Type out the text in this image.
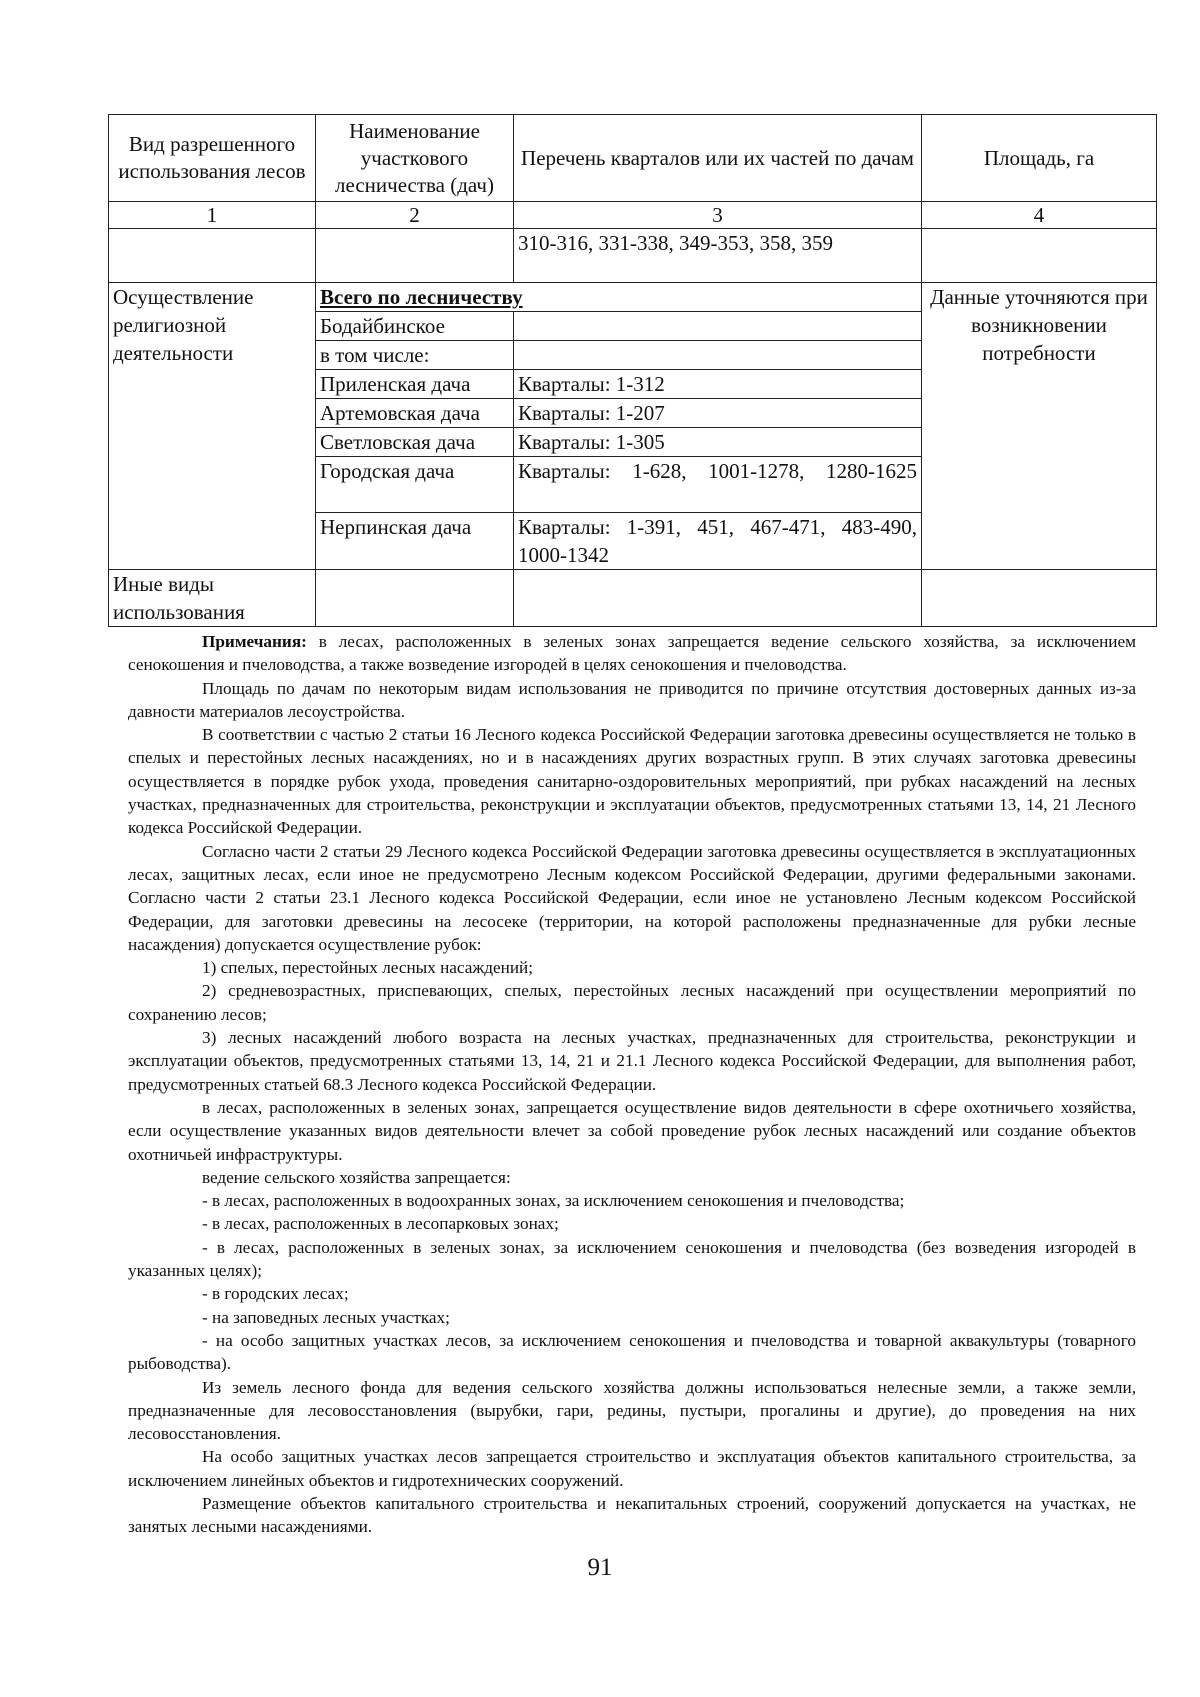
Вид разрешенного использования лесов	Наименование участкового лесничества (дач)	Перечень кварталов или их частей по дачам	Площадь, га
1	2	3	4
		310-316, 331-338, 349-353, 358, 359	
Осуществление религиозной деятельности	Всего по лесничеству		Данные уточняются при возникновении потребности
	Бодайбинское		
	в том числе:		
	Приленская дача	Кварталы: 1-312	
	Артемовская дача	Кварталы: 1-207	
	Светловская дача	Кварталы: 1-305	
	Городская дача	Кварталы: 1-628, 1001-1278, 1280-1625	
	Нерпинская дача	Кварталы: 1-391, 451, 467-471, 483-490, 1000-1342	
Иные виды использования			

Примечания: в лесах, расположенных в зеленых зонах запрещается ведение сельского хозяйства, за исключением сенокошения и пчеловодства, а также возведение изгородей в целях сенокошения и пчеловодства.

Площадь по дачам по некоторым видам использования не приводится по причине отсутствия достоверных данных из-за давности материалов лесоустройства.

В соответствии с частью 2 статьи 16 Лесного кодекса Российской Федерации заготовка древесины осуществляется не только в спелых и перестойных лесных насаждениях, но и в насаждениях других возрастных групп. В этих случаях заготовка древесины осуществляется в порядке рубок ухода, проведения санитарно-оздоровительных мероприятий, при рубках насаждений на лесных участках, предназначенных для строительства, реконструкции и эксплуатации объектов, предусмотренных статьями 13, 14, 21 Лесного кодекса Российской Федерации.

Согласно части 2 статьи 29 Лесного кодекса Российской Федерации заготовка древесины осуществляется в эксплуатационных лесах, защитных лесах, если иное не предусмотрено Лесным кодексом Российской Федерации, другими федеральными законами. Согласно части 2 статьи 23.1 Лесного кодекса Российской Федерации, если иное не установлено Лесным кодексом Российской Федерации, для заготовки древесины на лесосеке (территории, на которой расположены предназначенные для рубки лесные насаждения) допускается осуществление рубок:

1) спелых, перестойных лесных насаждений;

2) средневозрастных, приспевающих, спелых, перестойных лесных насаждений при осуществлении мероприятий по сохранению лесов;

3) лесных насаждений любого возраста на лесных участках, предназначенных для строительства, реконструкции и эксплуатации объектов, предусмотренных статьями 13, 14, 21 и 21.1 Лесного кодекса Российской Федерации, для выполнения работ, предусмотренных статьей 68.3 Лесного кодекса Российской Федерации.

в лесах, расположенных в зеленых зонах, запрещается осуществление видов деятельности в сфере охотничьего хозяйства, если осуществление указанных видов деятельности влечет за собой проведение рубок лесных насаждений или создание объектов охотничьей инфраструктуры.

ведение сельского хозяйства запрещается:

- в лесах, расположенных в водоохранных зонах, за исключением сенокошения и пчеловодства;

- в лесах, расположенных в лесопарковых зонах;

- в лесах, расположенных в зеленых зонах, за исключением сенокошения и пчеловодства (без возведения изгородей в указанных целях);

- в городских лесах;

- на заповедных лесных участках;

- на особо защитных участках лесов, за исключением сенокошения и пчеловодства и товарной аквакультуры (товарного рыбоводства).

Из земель лесного фонда для ведения сельского хозяйства должны использоваться нелесные земли, а также земли, предназначенные для лесовосстановления (вырубки, гари, редины, пустыри, прогалины и другие), до проведения на них лесовосстановления.

На особо защитных участках лесов запрещается строительство и эксплуатация объектов капитального строительства, за исключением линейных объектов и гидротехнических сооружений.

Размещение объектов капитального строительства и некапитальных строений, сооружений допускается на участках, не занятых лесными насаждениями.

91
